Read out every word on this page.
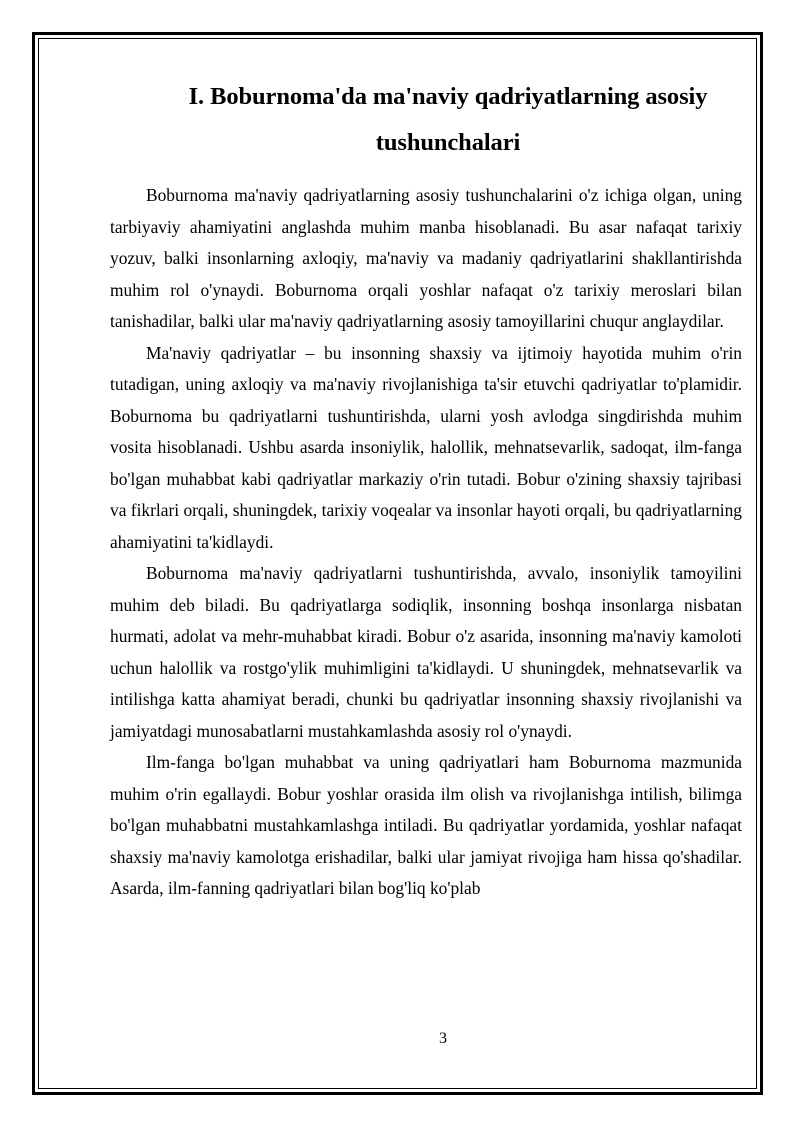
I. Boburnoma'da ma'naviy qadriyatlarning asosiy tushunchalari

Boburnoma ma'naviy qadriyatlarning asosiy tushunchalarini o'z ichiga olgan, uning tarbiyaviy ahamiyatini anglashda muhim manba hisoblanadi. Bu asar nafaqat tarixiy yozuv, balki insonlarning axloqiy, ma'naviy va madaniy qadriyatlarini shakllantirishda muhim rol o'ynaydi. Boburnoma orqali yoshlar nafaqat o'z tarixiy meroslari bilan tanishadilar, balki ular ma'naviy qadriyatlarning asosiy tamoyillarini chuqur anglaydilar.

Ma'naviy qadriyatlar – bu insonning shaxsiy va ijtimoiy hayotida muhim o'rin tutadigan, uning axloqiy va ma'naviy rivojlanishiga ta'sir etuvchi qadriyatlar to'plamidir. Boburnoma bu qadriyatlarni tushuntirishda, ularni yosh avlodga singdirishda muhim vosita hisoblanadi. Ushbu asarda insoniylik, halollik, mehnatsevarlik, sadoqat, ilm-fanga bo'lgan muhabbat kabi qadriyatlar markaziy o'rin tutadi. Bobur o'zining shaxsiy tajribasi va fikrlari orqali, shuningdek, tarixiy voqealar va insonlar hayoti orqali, bu qadriyatlarning ahamiyatini ta'kidlaydi.

Boburnoma ma'naviy qadriyatlarni tushuntirishda, avvalo, insoniylik tamoyilini muhim deb biladi. Bu qadriyatlarga sodiqlik, insonning boshqa insonlarga nisbatan hurmati, adolat va mehr-muhabbat kiradi. Bobur o'z asarida, insonning ma'naviy kamoloti uchun halollik va rostgo'ylik muhimligini ta'kidlaydi. U shuningdek, mehnatsevarlik va intilishga katta ahamiyat beradi, chunki bu qadriyatlar insonning shaxsiy rivojlanishi va jamiyatdagi munosabatlarni mustahkamlashda asosiy rol o'ynaydi.

Ilm-fanga bo'lgan muhabbat va uning qadriyatlari ham Boburnoma mazmunida muhim o'rin egallaydi. Bobur yoshlar orasida ilm olish va rivojlanishga intilish, bilimga bo'lgan muhabbatni mustahkamlashga intiladi. Bu qadriyatlar yordamida, yoshlar nafaqat shaxsiy ma'naviy kamolotga erishadilar, balki ular jamiyat rivojiga ham hissa qo'shadilar. Asarda, ilm-fanning qadriyatlari bilan bog'liq ko'plab

3
